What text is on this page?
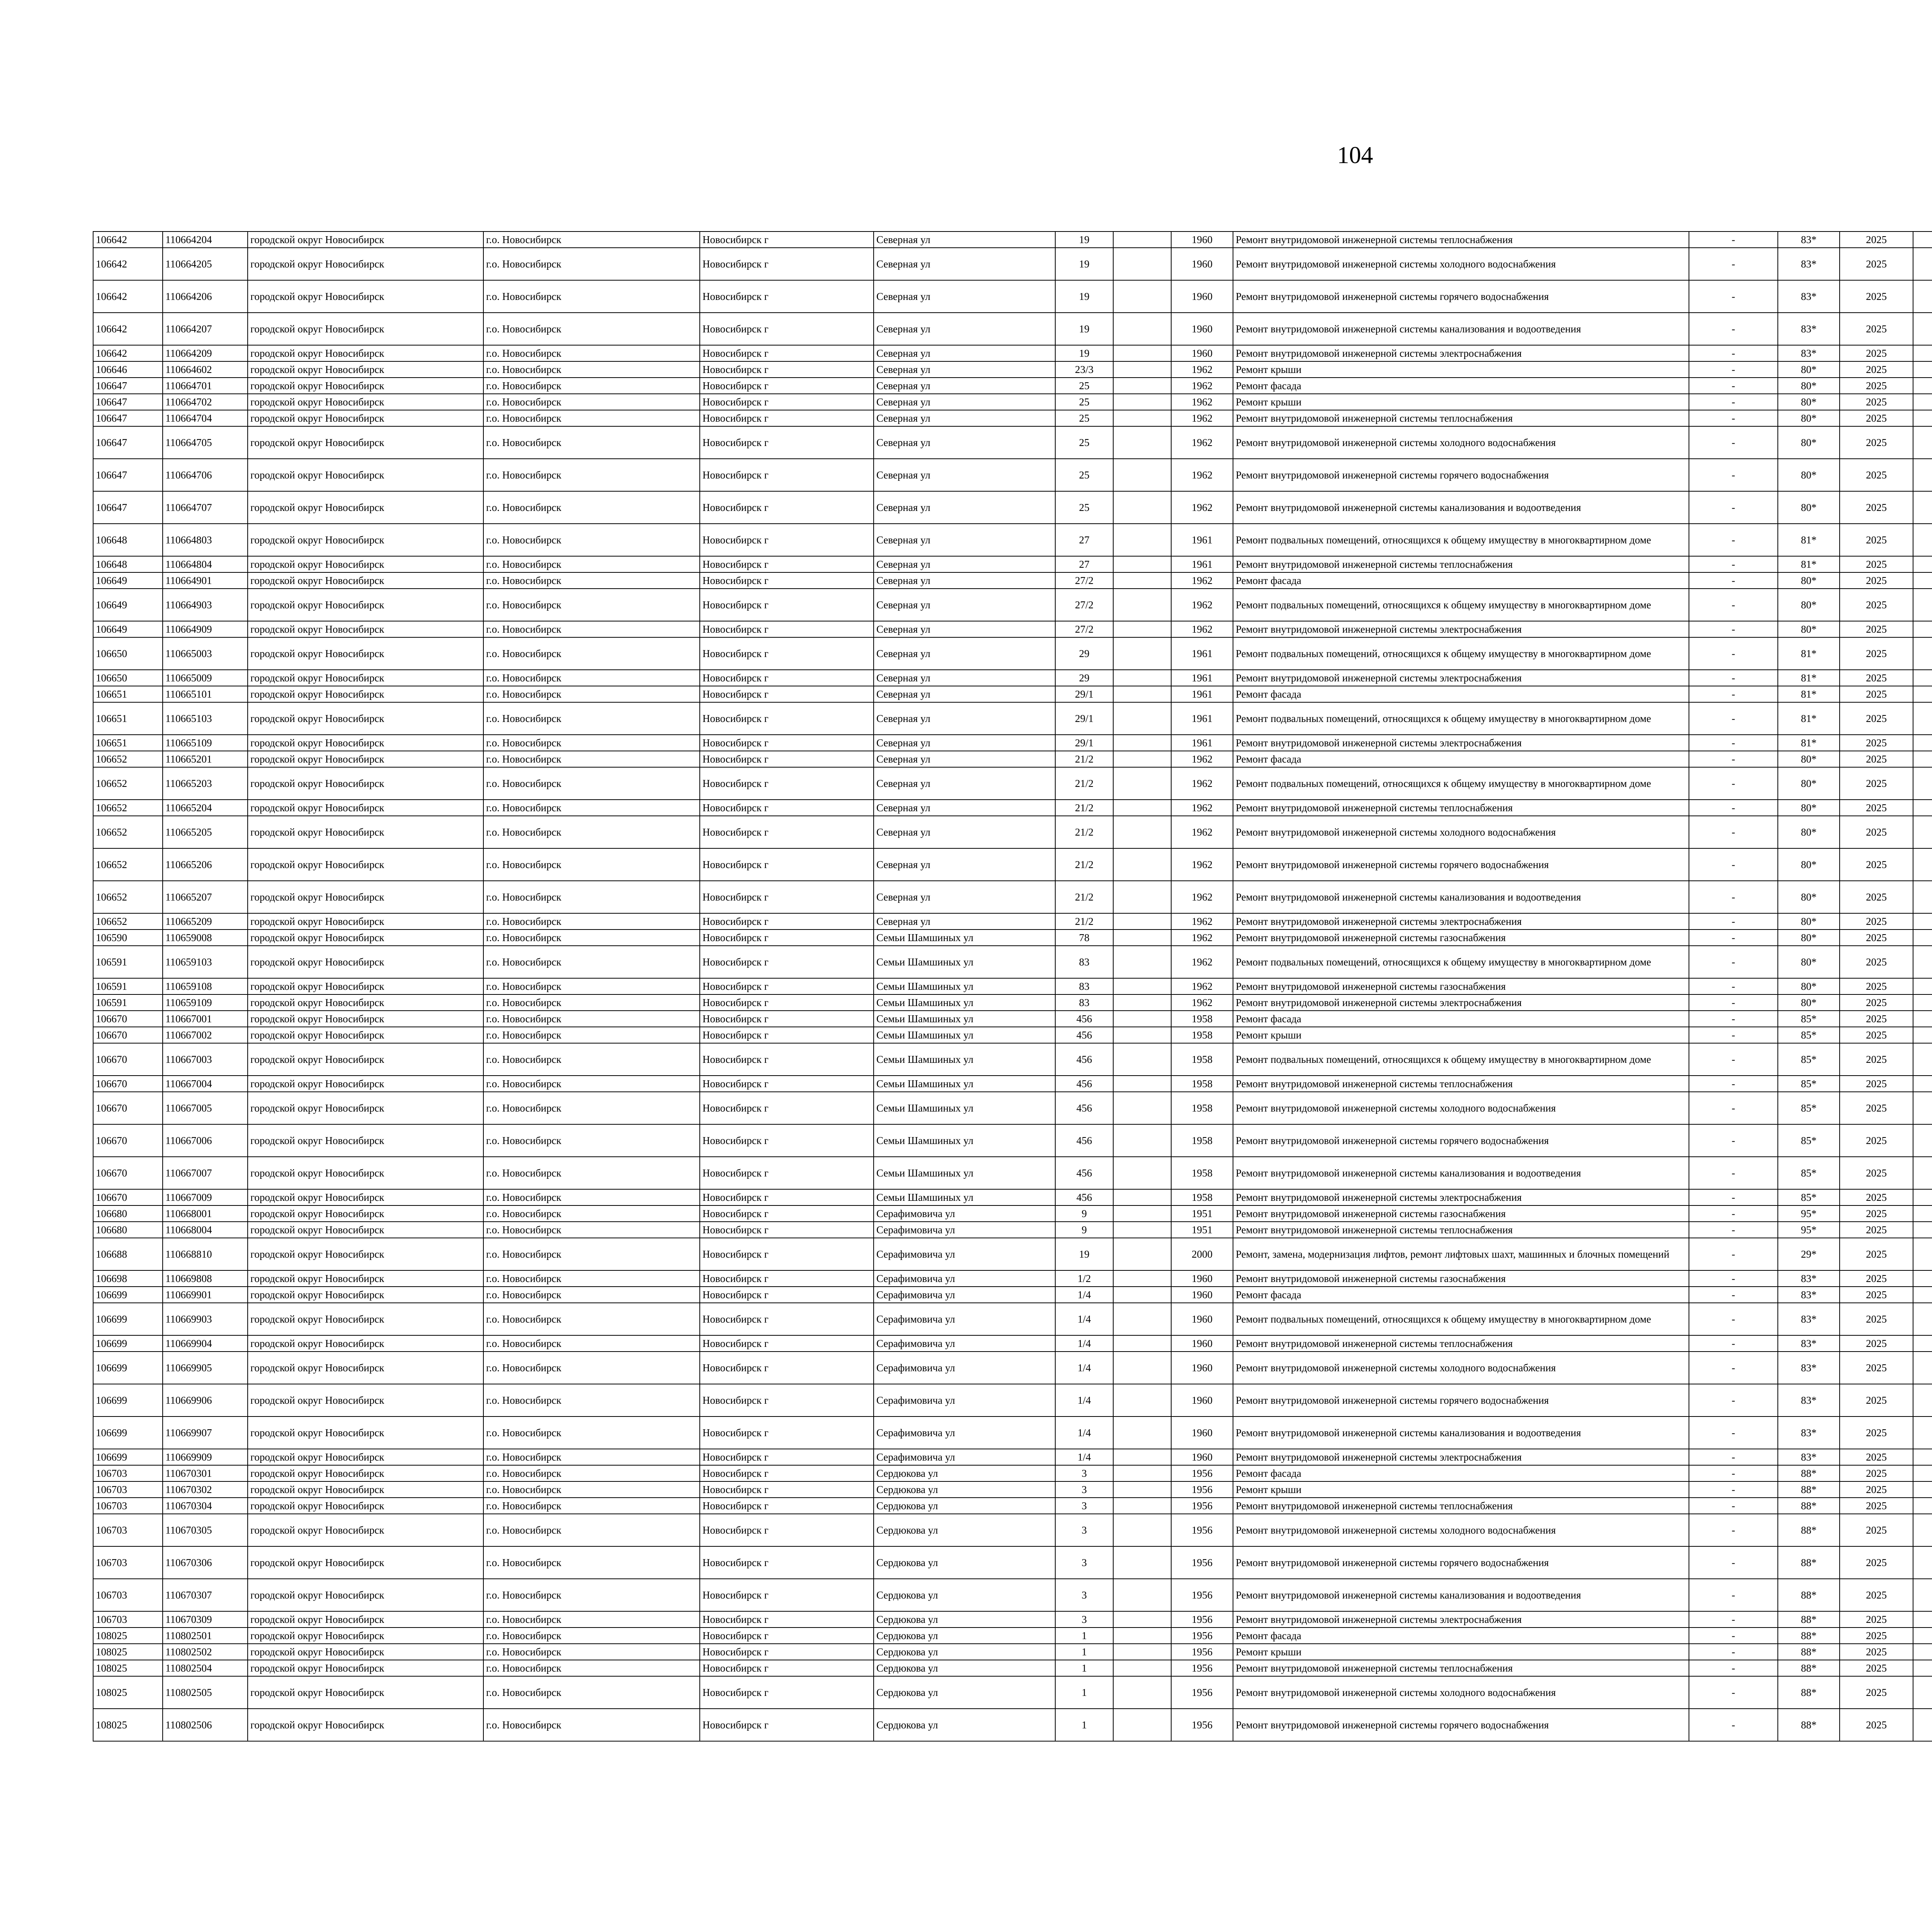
104
106642	110664204	городской округ Новосибирск	г.о. Новосибирск	Новосибирск г	Северная ул	19		1960	Ремонт внутридомовой инженерной системы теплоснабжения	-	83*	2025						
106642	110664205	городской округ Новосибирск	г.о. Новосибирск	Новосибирск г	Северная ул	19		1960	Ремонт внутридомовой инженерной системы холодного водоснабжения	-	83*	2025						
106642	110664206	городской округ Новосибирск	г.о. Новосибирск	Новосибирск г	Северная ул	19		1960	Ремонт внутридомовой инженерной системы горячего водоснабжения	-	83*	2025						
106642	110664207	городской округ Новосибирск	г.о. Новосибирск	Новосибирск г	Северная ул	19		1960	Ремонт внутридомовой инженерной системы канализования и водоотведения	-	83*	2025						
106642	110664209	городской округ Новосибирск	г.о. Новосибирск	Новосибирск г	Северная ул	19		1960	Ремонт внутридомовой инженерной системы электроснабжения	-	83*	2025						
106646	110664602	городской округ Новосибирск	г.о. Новосибирск	Новосибирск г	Северная ул	23/3		1962	Ремонт крыши	-	80*	2025						
106647	110664701	городской округ Новосибирск	г.о. Новосибирск	Новосибирск г	Северная ул	25		1962	Ремонт фасада	-	80*	2025						
106647	110664702	городской округ Новосибирск	г.о. Новосибирск	Новосибирск г	Северная ул	25		1962	Ремонт крыши	-	80*	2025						
106647	110664704	городской округ Новосибирск	г.о. Новосибирск	Новосибирск г	Северная ул	25		1962	Ремонт внутридомовой инженерной системы теплоснабжения	-	80*	2025						
106647	110664705	городской округ Новосибирск	г.о. Новосибирск	Новосибирск г	Северная ул	25		1962	Ремонт внутридомовой инженерной системы холодного водоснабжения	-	80*	2025						
106647	110664706	городской округ Новосибирск	г.о. Новосибирск	Новосибирск г	Северная ул	25		1962	Ремонт внутридомовой инженерной системы горячего водоснабжения	-	80*	2025						
106647	110664707	городской округ Новосибирск	г.о. Новосибирск	Новосибирск г	Северная ул	25		1962	Ремонт внутридомовой инженерной системы канализования и водоотведения	-	80*	2025						
106648	110664803	городской округ Новосибирск	г.о. Новосибирск	Новосибирск г	Северная ул	27		1961	Ремонт подвальных помещений, относящихся к общему имуществу в многоквартирном доме	-	81*	2025						
106648	110664804	городской округ Новосибирск	г.о. Новосибирск	Новосибирск г	Северная ул	27		1961	Ремонт внутридомовой инженерной системы теплоснабжения	-	81*	2025						
106649	110664901	городской округ Новосибирск	г.о. Новосибирск	Новосибирск г	Северная ул	27/2		1962	Ремонт фасада	-	80*	2025						
106649	110664903	городской округ Новосибирск	г.о. Новосибирск	Новосибирск г	Северная ул	27/2		1962	Ремонт подвальных помещений, относящихся к общему имуществу в многоквартирном доме	-	80*	2025						
106649	110664909	городской округ Новосибирск	г.о. Новосибирск	Новосибирск г	Северная ул	27/2		1962	Ремонт внутридомовой инженерной системы электроснабжения	-	80*	2025						
106650	110665003	городской округ Новосибирск	г.о. Новосибирск	Новосибирск г	Северная ул	29		1961	Ремонт подвальных помещений, относящихся к общему имуществу в многоквартирном доме	-	81*	2025						
106650	110665009	городской округ Новосибирск	г.о. Новосибирск	Новосибирск г	Северная ул	29		1961	Ремонт внутридомовой инженерной системы электроснабжения	-	81*	2025						
106651	110665101	городской округ Новосибирск	г.о. Новосибирск	Новосибирск г	Северная ул	29/1		1961	Ремонт фасада	-	81*	2025						
106651	110665103	городской округ Новосибирск	г.о. Новосибирск	Новосибирск г	Северная ул	29/1		1961	Ремонт подвальных помещений, относящихся к общему имуществу в многоквартирном доме	-	81*	2025						
106651	110665109	городской округ Новосибирск	г.о. Новосибирск	Новосибирск г	Северная ул	29/1		1961	Ремонт внутридомовой инженерной системы электроснабжения	-	81*	2025						
106652	110665201	городской округ Новосибирск	г.о. Новосибирск	Новосибирск г	Северная ул	21/2		1962	Ремонт фасада	-	80*	2025						
106652	110665203	городской округ Новосибирск	г.о. Новосибирск	Новосибирск г	Северная ул	21/2		1962	Ремонт подвальных помещений, относящихся к общему имуществу в многоквартирном доме	-	80*	2025						
106652	110665204	городской округ Новосибирск	г.о. Новосибирск	Новосибирск г	Северная ул	21/2		1962	Ремонт внутридомовой инженерной системы теплоснабжения	-	80*	2025						
106652	110665205	городской округ Новосибирск	г.о. Новосибирск	Новосибирск г	Северная ул	21/2		1962	Ремонт внутридомовой инженерной системы холодного водоснабжения	-	80*	2025						
106652	110665206	городской округ Новосибирск	г.о. Новосибирск	Новосибирск г	Северная ул	21/2		1962	Ремонт внутридомовой инженерной системы горячего водоснабжения	-	80*	2025						
106652	110665207	городской округ Новосибирск	г.о. Новосибирск	Новосибирск г	Северная ул	21/2		1962	Ремонт внутридомовой инженерной системы канализования и водоотведения	-	80*	2025						
106652	110665209	городской округ Новосибирск	г.о. Новосибирск	Новосибирск г	Северная ул	21/2		1962	Ремонт внутридомовой инженерной системы электроснабжения	-	80*	2025						
106590	110659008	городской округ Новосибирск	г.о. Новосибирск	Новосибирск г	Семьи Шамшиных ул	78		1962	Ремонт внутридомовой инженерной системы газоснабжения	-	80*	2025						
106591	110659103	городской округ Новосибирск	г.о. Новосибирск	Новосибирск г	Семьи Шамшиных ул	83		1962	Ремонт подвальных помещений, относящихся к общему имуществу в многоквартирном доме	-	80*	2025						
106591	110659108	городской округ Новосибирск	г.о. Новосибирск	Новосибирск г	Семьи Шамшиных ул	83		1962	Ремонт внутридомовой инженерной системы газоснабжения	-	80*	2025						
106591	110659109	городской округ Новосибирск	г.о. Новосибирск	Новосибирск г	Семьи Шамшиных ул	83		1962	Ремонт внутридомовой инженерной системы электроснабжения	-	80*	2025						
106670	110667001	городской округ Новосибирск	г.о. Новосибирск	Новосибирск г	Семьи Шамшиных ул	456		1958	Ремонт фасада	-	85*	2025						
106670	110667002	городской округ Новосибирск	г.о. Новосибирск	Новосибирск г	Семьи Шамшиных ул	456		1958	Ремонт крыши	-	85*	2025						
106670	110667003	городской округ Новосибирск	г.о. Новосибирск	Новосибирск г	Семьи Шамшиных ул	456		1958	Ремонт подвальных помещений, относящихся к общему имуществу в многоквартирном доме	-	85*	2025						
106670	110667004	городской округ Новосибирск	г.о. Новосибирск	Новосибирск г	Семьи Шамшиных ул	456		1958	Ремонт внутридомовой инженерной системы теплоснабжения	-	85*	2025						
106670	110667005	городской округ Новосибирск	г.о. Новосибирск	Новосибирск г	Семьи Шамшиных ул	456		1958	Ремонт внутридомовой инженерной системы холодного водоснабжения	-	85*	2025						
106670	110667006	городской округ Новосибирск	г.о. Новосибирск	Новосибирск г	Семьи Шамшиных ул	456		1958	Ремонт внутридомовой инженерной системы горячего водоснабжения	-	85*	2025						
106670	110667007	городской округ Новосибирск	г.о. Новосибирск	Новосибирск г	Семьи Шамшиных ул	456		1958	Ремонт внутридомовой инженерной системы канализования и водоотведения	-	85*	2025						
106670	110667009	городской округ Новосибирск	г.о. Новосибирск	Новосибирск г	Семьи Шамшиных ул	456		1958	Ремонт внутридомовой инженерной системы электроснабжения	-	85*	2025						
106680	110668001	городской округ Новосибирск	г.о. Новосибирск	Новосибирск г	Серафимовича ул	9		1951	Ремонт внутридомовой инженерной системы газоснабжения	-	95*	2025						
106680	110668004	городской округ Новосибирск	г.о. Новосибирск	Новосибирск г	Серафимовича ул	9		1951	Ремонт внутридомовой инженерной системы теплоснабжения	-	95*	2025						
106688	110668810	городской округ Новосибирск	г.о. Новосибирск	Новосибирск г	Серафимовича ул	19		2000	Ремонт, замена, модернизация лифтов, ремонт лифтовых шахт, машинных и блочных помещений	-	29*	2025						
106698	110669808	городской округ Новосибирск	г.о. Новосибирск	Новосибирск г	Серафимовича ул	1/2		1960	Ремонт внутридомовой инженерной системы газоснабжения	-	83*	2025						
106699	110669901	городской округ Новосибирск	г.о. Новосибирск	Новосибирск г	Серафимовича ул	1/4		1960	Ремонт фасада	-	83*	2025						
106699	110669903	городской округ Новосибирск	г.о. Новосибирск	Новосибирск г	Серафимовича ул	1/4		1960	Ремонт подвальных помещений, относящихся к общему имуществу в многоквартирном доме	-	83*	2025						
106699	110669904	городской округ Новосибирск	г.о. Новосибирск	Новосибирск г	Серафимовича ул	1/4		1960	Ремонт внутридомовой инженерной системы теплоснабжения	-	83*	2025						
106699	110669905	городской округ Новосибирск	г.о. Новосибирск	Новосибирск г	Серафимовича ул	1/4		1960	Ремонт внутридомовой инженерной системы холодного водоснабжения	-	83*	2025						
106699	110669906	городской округ Новосибирск	г.о. Новосибирск	Новосибирск г	Серафимовича ул	1/4		1960	Ремонт внутридомовой инженерной системы горячего водоснабжения	-	83*	2025						
106699	110669907	городской округ Новосибирск	г.о. Новосибирск	Новосибирск г	Серафимовича ул	1/4		1960	Ремонт внутридомовой инженерной системы канализования и водоотведения	-	83*	2025						
106699	110669909	городской округ Новосибирск	г.о. Новосибирск	Новосибирск г	Серафимовича ул	1/4		1960	Ремонт внутридомовой инженерной системы электроснабжения	-	83*	2025						
106703	110670301	городской округ Новосибирск	г.о. Новосибирск	Новосибирск г	Сердюкова ул	3		1956	Ремонт фасада	-	88*	2025						
106703	110670302	городской округ Новосибирск	г.о. Новосибирск	Новосибирск г	Сердюкова ул	3		1956	Ремонт крыши	-	88*	2025						
106703	110670304	городской округ Новосибирск	г.о. Новосибирск	Новосибирск г	Сердюкова ул	3		1956	Ремонт внутридомовой инженерной системы теплоснабжения	-	88*	2025						
106703	110670305	городской округ Новосибирск	г.о. Новосибирск	Новосибирск г	Сердюкова ул	3		1956	Ремонт внутридомовой инженерной системы холодного водоснабжения	-	88*	2025						
106703	110670306	городской округ Новосибирск	г.о. Новосибирск	Новосибирск г	Сердюкова ул	3		1956	Ремонт внутридомовой инженерной системы горячего водоснабжения	-	88*	2025						
106703	110670307	городской округ Новосибирск	г.о. Новосибирск	Новосибирск г	Сердюкова ул	3		1956	Ремонт внутридомовой инженерной системы канализования и водоотведения	-	88*	2025						
106703	110670309	городской округ Новосибирск	г.о. Новосибирск	Новосибирск г	Сердюкова ул	3		1956	Ремонт внутридомовой инженерной системы электроснабжения	-	88*	2025						
108025	110802501	городской округ Новосибирск	г.о. Новосибирск	Новосибирск г	Сердюкова ул	1		1956	Ремонт фасада	-	88*	2025						
108025	110802502	городской округ Новосибирск	г.о. Новосибирск	Новосибирск г	Сердюкова ул	1		1956	Ремонт крыши	-	88*	2025						
108025	110802504	городской округ Новосибирск	г.о. Новосибирск	Новосибирск г	Сердюкова ул	1		1956	Ремонт внутридомовой инженерной системы теплоснабжения	-	88*	2025						
108025	110802505	городской округ Новосибирск	г.о. Новосибирск	Новосибирск г	Сердюкова ул	1		1956	Ремонт внутридомовой инженерной системы холодного водоснабжения	-	88*	2025						
108025	110802506	городской округ Новосибирск	г.о. Новосибирск	Новосибирск г	Сердюкова ул	1		1956	Ремонт внутридомовой инженерной системы горячего водоснабжения	-	88*	2025						
